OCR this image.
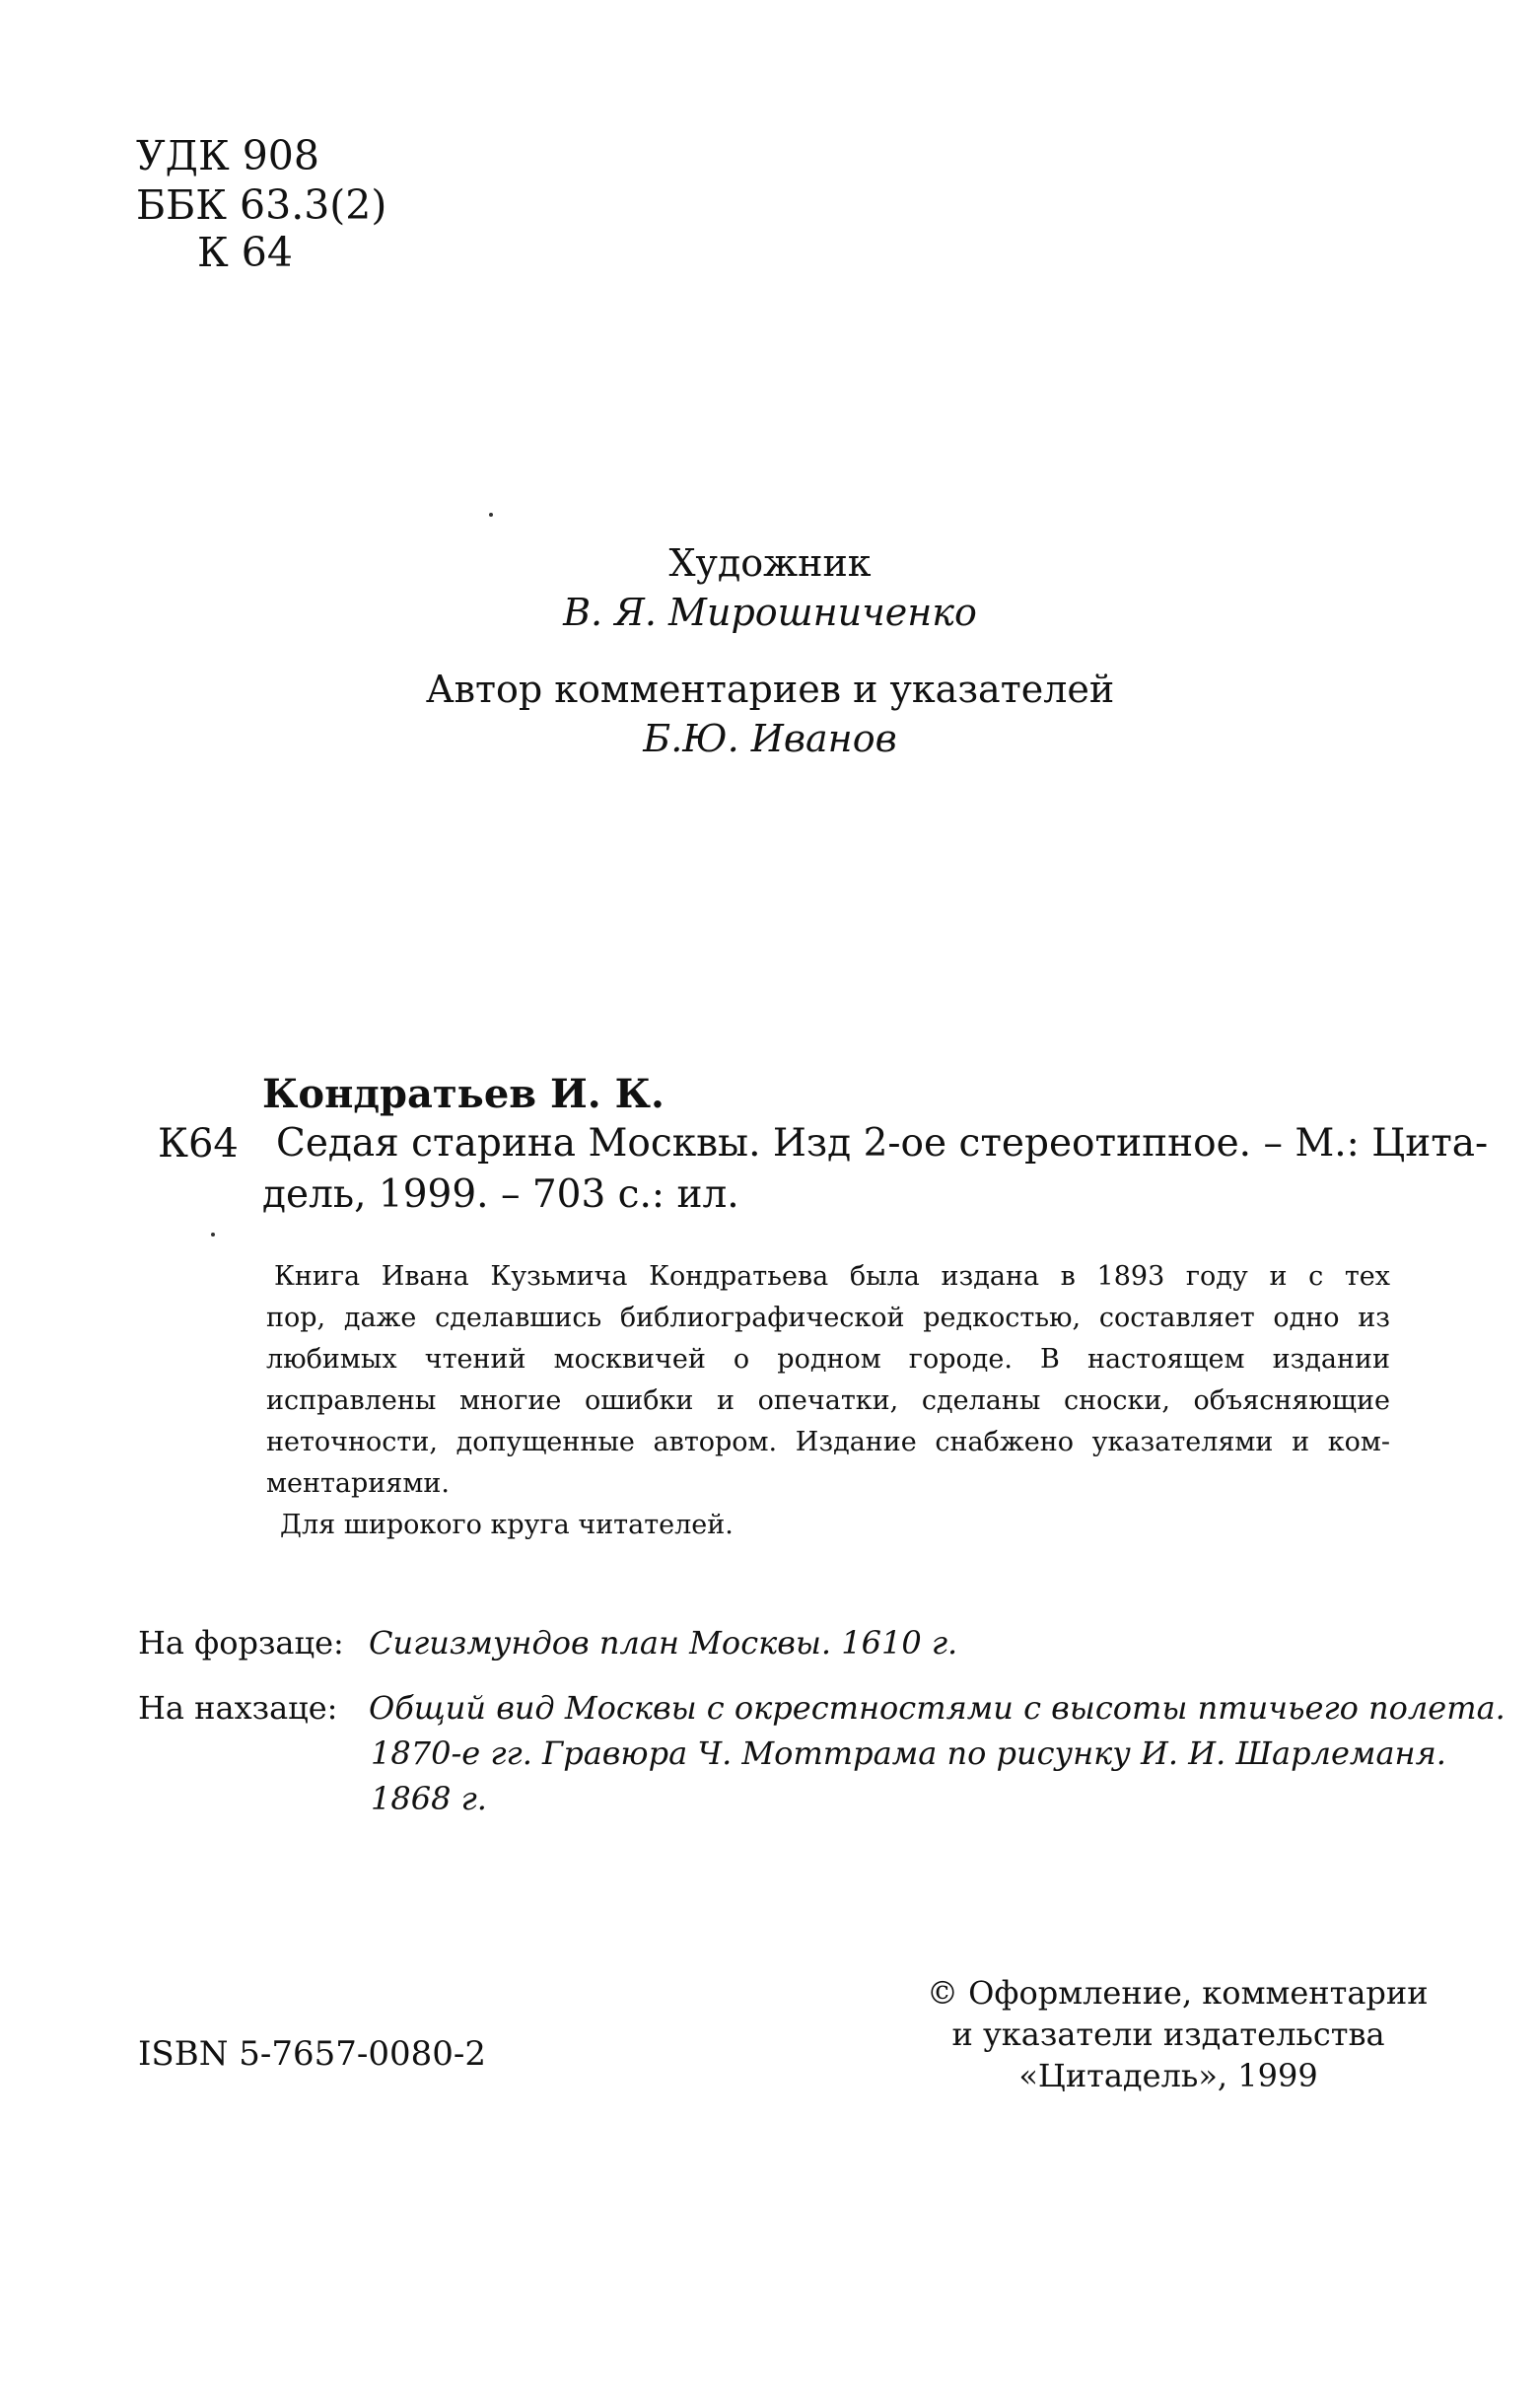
УДК 908
ББК 63.3(2)
К 64
Художник
В. Я. Мирошниченко
Автор комментариев и указателей
Б.Ю. Иванов
Кондратьев И. К.
К64 Седая старина Москвы. Изд 2-ое стереотипное. – М.: Цита-
дель, 1999. – 703 с.: ил.
Книга Ивана Кузьмича Кондратьева была издана в 1893 году и с тех
пор, даже сделавшись библиографической редкостью, составляет одно из
любимых чтений москвичей о родном городе. В настоящем издании
исправлены многие ошибки и опечатки, сделаны сноски, объясняющие
неточности, допущенные автором. Издание снабжено указателями и ком-
ментариями.
Для широкого круга читателей.
На форзаце: Сигизмундов план Москвы. 1610 г.
На нахзаце: Общий вид Москвы с окрестностями с высоты птичьего полета.
1870-е гг. Гравюра Ч. Моттрама по рисунку И. И. Шарлеманя.
1868 г.
ISBN 5-7657-0080-2
© Оформление, комментарии
и указатели издательства
«Цитадель», 1999
